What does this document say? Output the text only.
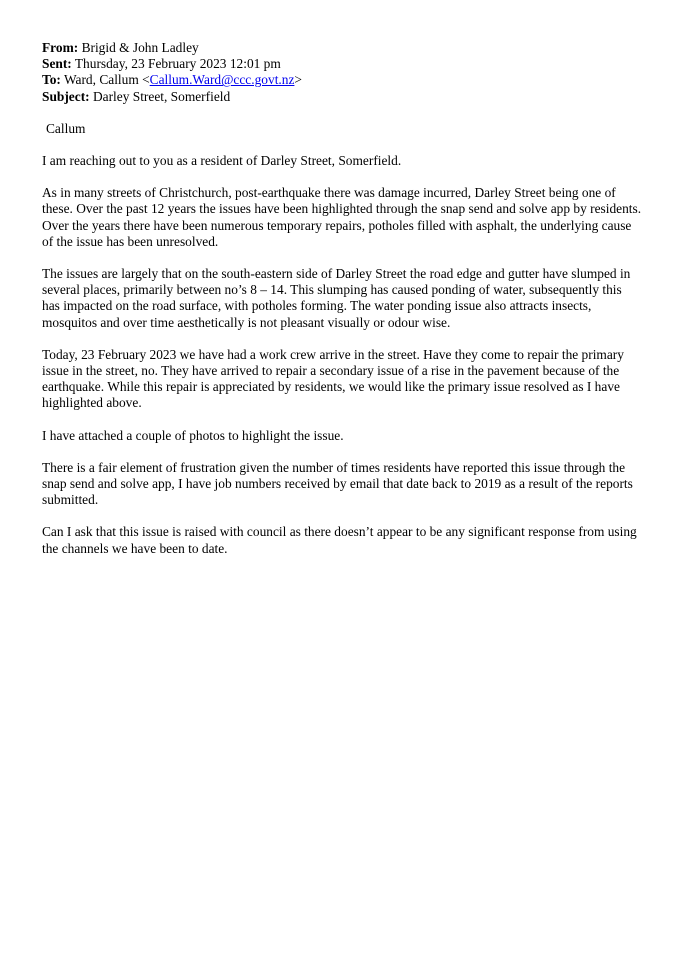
From: Brigid & John Ladley

Sent: Thursday, 23 February 2023 12:01 pm

To: Ward, Callum <Callum.Ward@ccc.govt.nz>

Subject: Darley Street, Somerfield

Callum

I am reaching out to you as a resident of Darley Street, Somerfield.

As in many streets of Christchurch, post-earthquake there was damage incurred, Darley Street being one of these. Over the past 12 years the issues have been highlighted through the snap send and solve app by residents. Over the years there have been numerous temporary repairs, potholes filled with asphalt, the underlying cause of the issue has been unresolved.

The issues are largely that on the south-eastern side of Darley Street the road edge and gutter have slumped in several places, primarily between no’s 8 – 14. This slumping has caused ponding of water, subsequently this has impacted on the road surface, with potholes forming. The water ponding issue also attracts insects, mosquitos and over time aesthetically is not pleasant visually or odour wise.

Today, 23 February 2023 we have had a work crew arrive in the street. Have they come to repair the primary issue in the street, no. They have arrived to repair a secondary issue of a rise in the pavement because of the earthquake. While this repair is appreciated by residents, we would like the primary issue resolved as I have highlighted above.

I have attached a couple of photos to highlight the issue.

There is a fair element of frustration given the number of times residents have reported this issue through the snap send and solve app, I have job numbers received by email that date back to 2019 as a result of the reports submitted.

Can I ask that this issue is raised with council as there doesn’t appear to be any significant response from using the channels we have been to date.
